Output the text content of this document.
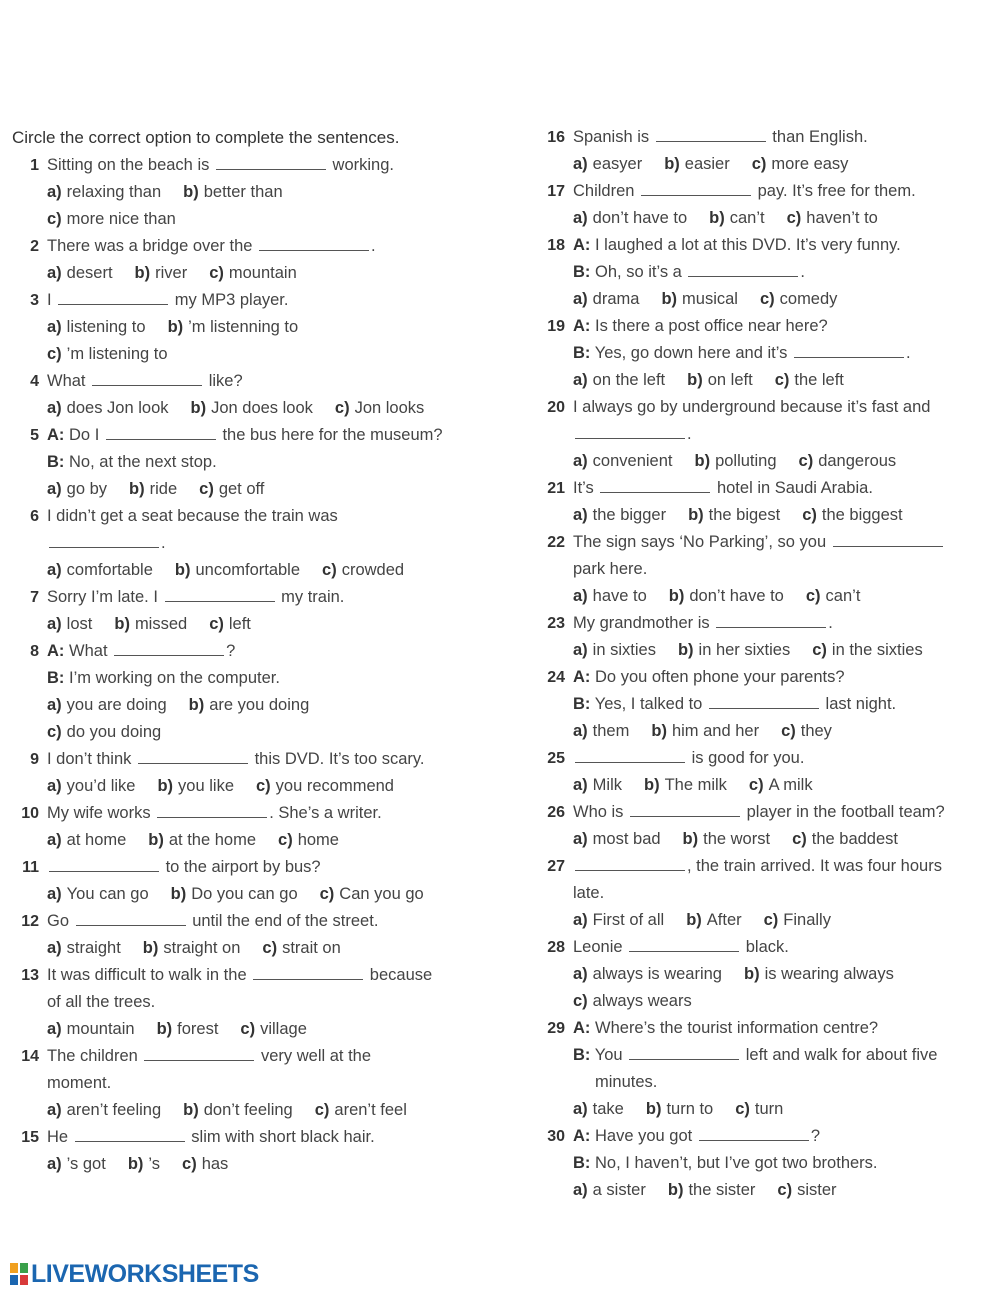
Circle the correct option to complete the sentences.
1 Sitting on the beach is	working.
a) relaxing than b) better than
c) more nice than
2 There was a bridge over the	.
a) desert b) river c) mountain
3 I	my MP3 player.
a) listening to b) ’m listenning to
c) ’m listening to
4 What	like?
a) does Jon look b) Jon does look c) Jon looks
5 A: Do I	the bus here for the museum?
B: No, at the next stop.
a) go by b) ride c) get off
6 I didn’t get a seat because the train was
.
a) comfortable b) uncomfortable c) crowded
7 Sorry I’m late. I	my train.
a) lost b) missed c) left
8 A: What	?
B: I’m working on the computer.
a) you are doing b) are you doing
c) do you doing
9 I don’t think	this DVD. It’s too scary.
a) you’d like b) you like c) you recommend
10 My wife works	. She’s a writer.
a) at home b) at the home c) home
11	to the airport by bus?
a) You can go b) Do you can go c) Can you go
12 Go	until the end of the street.
a) straight b) straight on c) strait on
13 It was difficult to walk in the	because
of all the trees.
a) mountain b) forest c) village
14 The children	very well at the
moment.
a) aren’t feeling b) don’t feeling c) aren’t feel
15 He	slim with short black hair.
a) ’s got b) ’s c) has
16 Spanish is	than English.
a) easyer b) easier c) more easy
17 Children	pay. It’s free for them.
a) don’t have to b) can’t c) haven’t to
18 A: I laughed a lot at this DVD. It’s very funny.
B: Oh, so it’s a	.
a) drama b) musical c) comedy
19 A: Is there a post office near here?
B: Yes, go down here and it’s	.
a) on the left b) on left c) the left
20 I always go by underground because it’s fast and
.
a) convenient b) polluting c) dangerous
21 It’s	hotel in Saudi Arabia.
a) the bigger b) the bigest c) the biggest
22 The sign says ‘No Parking’, so you
park here.
a) have to b) don’t have to c) can’t
23 My grandmother is	.
a) in sixties b) in her sixties c) in the sixties
24 A: Do you often phone your parents?
B: Yes, I talked to	last night.
a) them b) him and her c) they
25	is good for you.
a) Milk b) The milk c) A milk
26 Who is	player in the football team?
a) most bad b) the worst c) the baddest
27	, the train arrived. It was four hours
late.
a) First of all b) After c) Finally
28 Leonie	black.
a) always is wearing b) is wearing always
c) always wears
29 A: Where’s the tourist information centre?
B: You	left and walk for about five
minutes.
a) take b) turn to c) turn
30 A: Have you got	?
B: No, I haven’t, but I’ve got two brothers.
a) a sister b) the sister c) sister
LIVEWORKSHEETS
